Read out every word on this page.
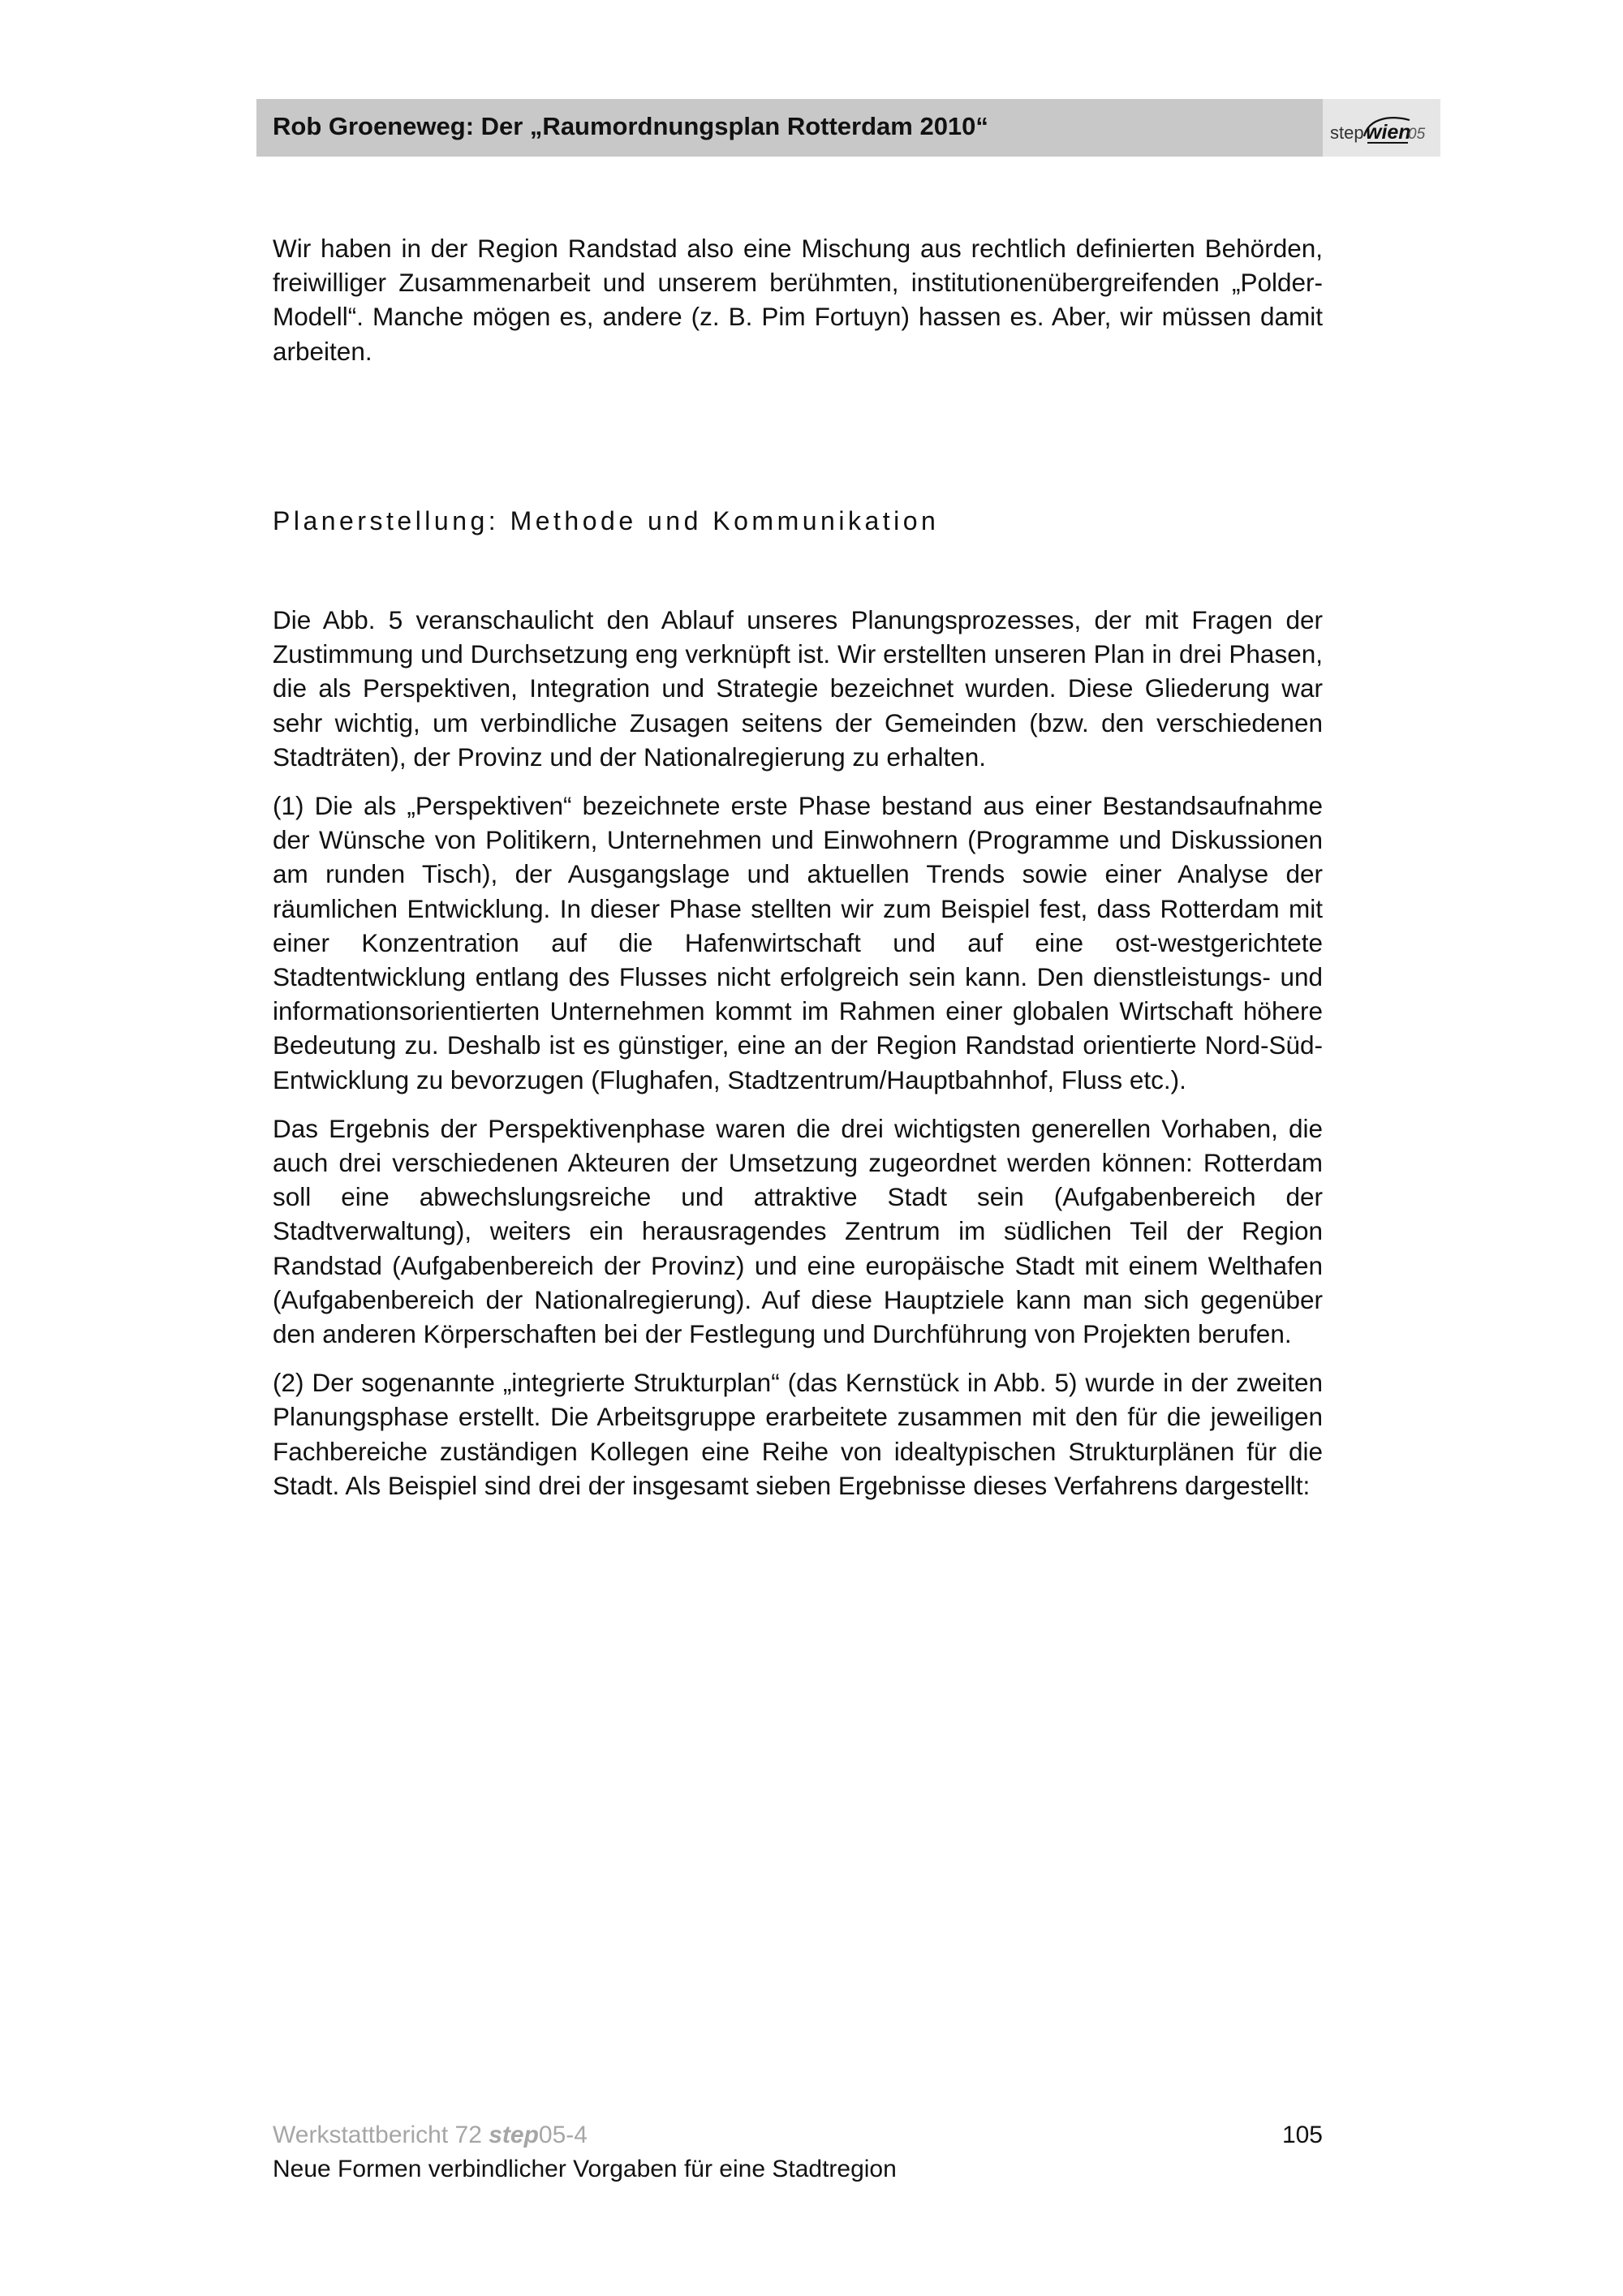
Rob Groeneweg: Der „Raumordnungsplan Rotterdam 2010“	step wien
05

Wir haben in der Region Randstad also eine Mischung aus rechtlich definierten Behörden, freiwilliger Zusammenarbeit und unserem berühmten, institutionenübergreifenden „Polder-Modell“. Manche mögen es, andere (z. B. Pim Fortuyn) hassen es. Aber, wir müssen damit arbeiten.

Planerstellung: Methode und Kommunikation

Die Abb. 5 veranschaulicht den Ablauf unseres Planungsprozesses, der mit Fragen der Zustimmung und Durchsetzung eng verknüpft ist. Wir erstellten unseren Plan in drei Phasen, die als Perspektiven, Integration und Strategie bezeichnet wurden. Diese Gliederung war sehr wichtig, um verbindliche Zusagen seitens der Gemeinden (bzw. den verschiedenen Stadträten), der Provinz und der Nationalregierung zu erhalten.

(1) Die als „Perspektiven“ bezeichnete erste Phase bestand aus einer Bestandsaufnahme der Wünsche von Politikern, Unternehmen und Einwohnern (Programme und Diskussionen am runden Tisch), der Ausgangslage und aktuellen Trends sowie einer Analyse der räumlichen Entwicklung. In dieser Phase stellten wir zum Beispiel fest, dass Rotterdam mit einer Konzentration auf die Hafenwirtschaft und auf eine ost-westgerichtete Stadtentwicklung entlang des Flusses nicht erfolgreich sein kann. Den dienstleistungs- und informationsorientierten Unternehmen kommt im Rahmen einer globalen Wirtschaft höhere Bedeutung zu. Deshalb ist es günstiger, eine an der Region Randstad orientierte Nord-Süd-Entwicklung zu bevorzugen (Flughafen, Stadtzentrum/Hauptbahnhof, Fluss etc.).

Das Ergebnis der Perspektivenphase waren die drei wichtigsten generellen Vorhaben, die auch drei verschiedenen Akteuren der Umsetzung zugeordnet werden können: Rotterdam soll eine abwechslungsreiche und attraktive Stadt sein (Aufgabenbereich der Stadtverwaltung), weiters ein herausragendes Zentrum im südlichen Teil der Region Randstad (Aufgabenbereich der Provinz) und eine europäische Stadt mit einem Welthafen (Aufgabenbereich der Nationalregierung). Auf diese Hauptziele kann man sich gegenüber den anderen Körperschaften bei der Festlegung und Durchführung von Projekten berufen.

(2) Der sogenannte „integrierte Strukturplan“ (das Kernstück in Abb. 5) wurde in der zweiten Planungsphase erstellt. Die Arbeitsgruppe erarbeitete zusammen mit den für die jeweiligen Fachbereiche zuständigen Kollegen eine Reihe von idealtypischen Strukturplänen für die Stadt. Als Beispiel sind drei der insgesamt sieben Ergebnisse dieses Verfahrens dargestellt:

Werkstattbericht 72 step05-4
Neue Formen verbindlicher Vorgaben für eine Stadtregion
105
